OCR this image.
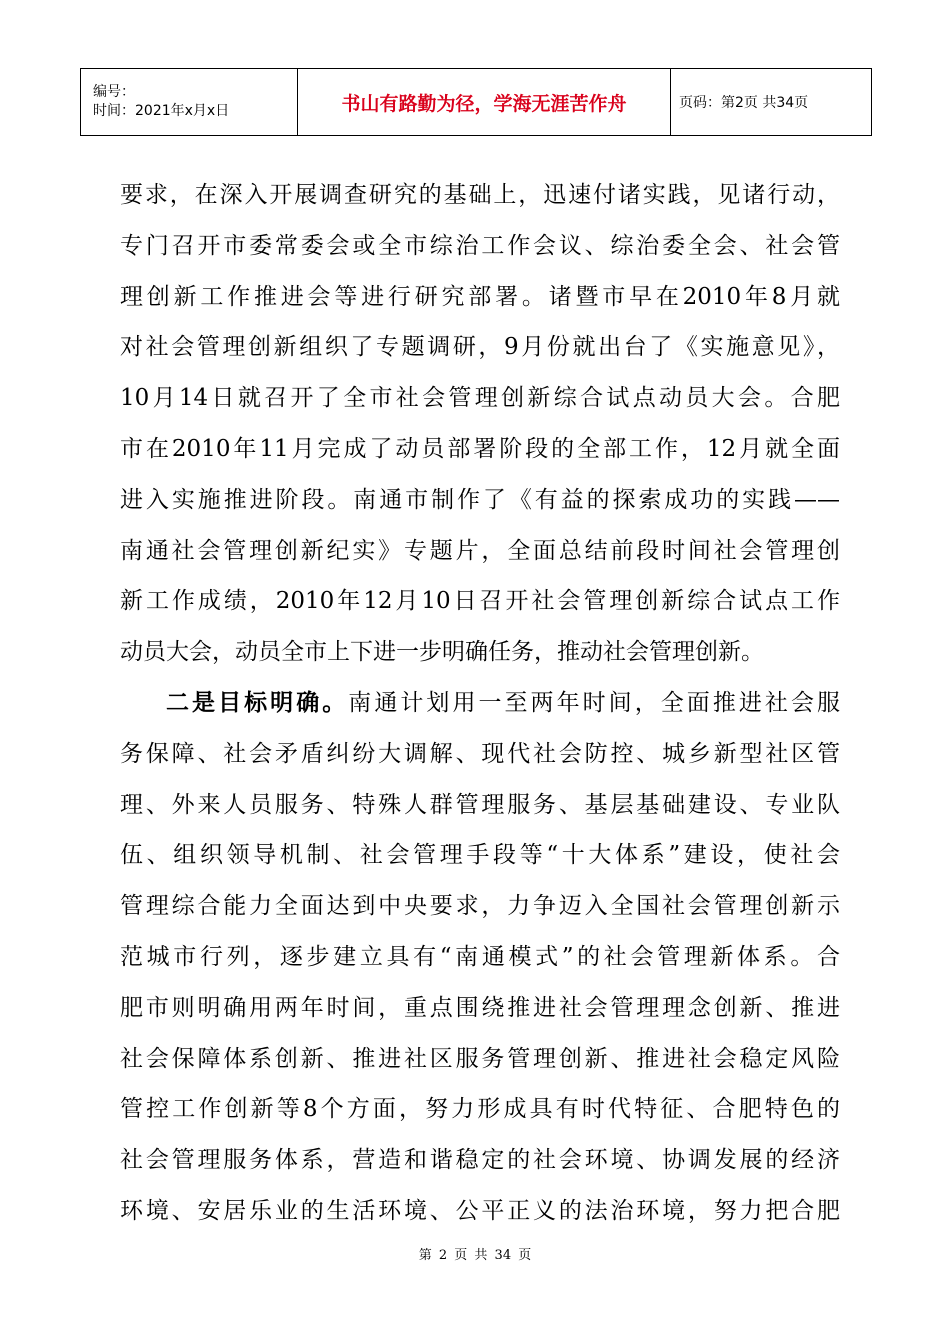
编号：
时间：2021年x月x日	书山有路勤为径，学海无涯苦作舟	页码：第2页 共34页
要求，在深入开展调查研究的基础上，迅速付诸实践，见诸行动，
专门召开市委常委会或全市综治工作会议、综治委全会、社会管
理创新工作推进会等进行研究部署。诸暨市早在2010年8月就
对社会管理创新组织了专题调研，9月份就出台了《实施意见》，
10月14日就召开了全市社会管理创新综合试点动员大会。合肥
市在2010年11月完成了动员部署阶段的全部工作，12月就全面
进入实施推进阶段。南通市制作了《有益的探索成功的实践——
南通社会管理创新纪实》专题片，全面总结前段时间社会管理创
新工作成绩，2010年12月10日召开社会管理创新综合试点工作
动员大会，动员全市上下进一步明确任务，推动社会管理创新。
二是目标明确。南通计划用一至两年时间，全面推进社会服
务保障、社会矛盾纠纷大调解、现代社会防控、城乡新型社区管
理、外来人员服务、特殊人群管理服务、基层基础建设、专业队
伍、组织领导机制、社会管理手段等“十大体系”建设，使社会
管理综合能力全面达到中央要求，力争迈入全国社会管理创新示
范城市行列，逐步建立具有“南通模式”的社会管理新体系。合
肥市则明确用两年时间，重点围绕推进社会管理理念创新、推进
社会保障体系创新、推进社区服务管理创新、推进社会稳定风险
管控工作创新等8个方面，努力形成具有时代特征、合肥特色的
社会管理服务体系，营造和谐稳定的社会环境、协调发展的经济
环境、安居乐业的生活环境、公平正义的法治环境，努力把合肥
第 2 页 共 34 页
